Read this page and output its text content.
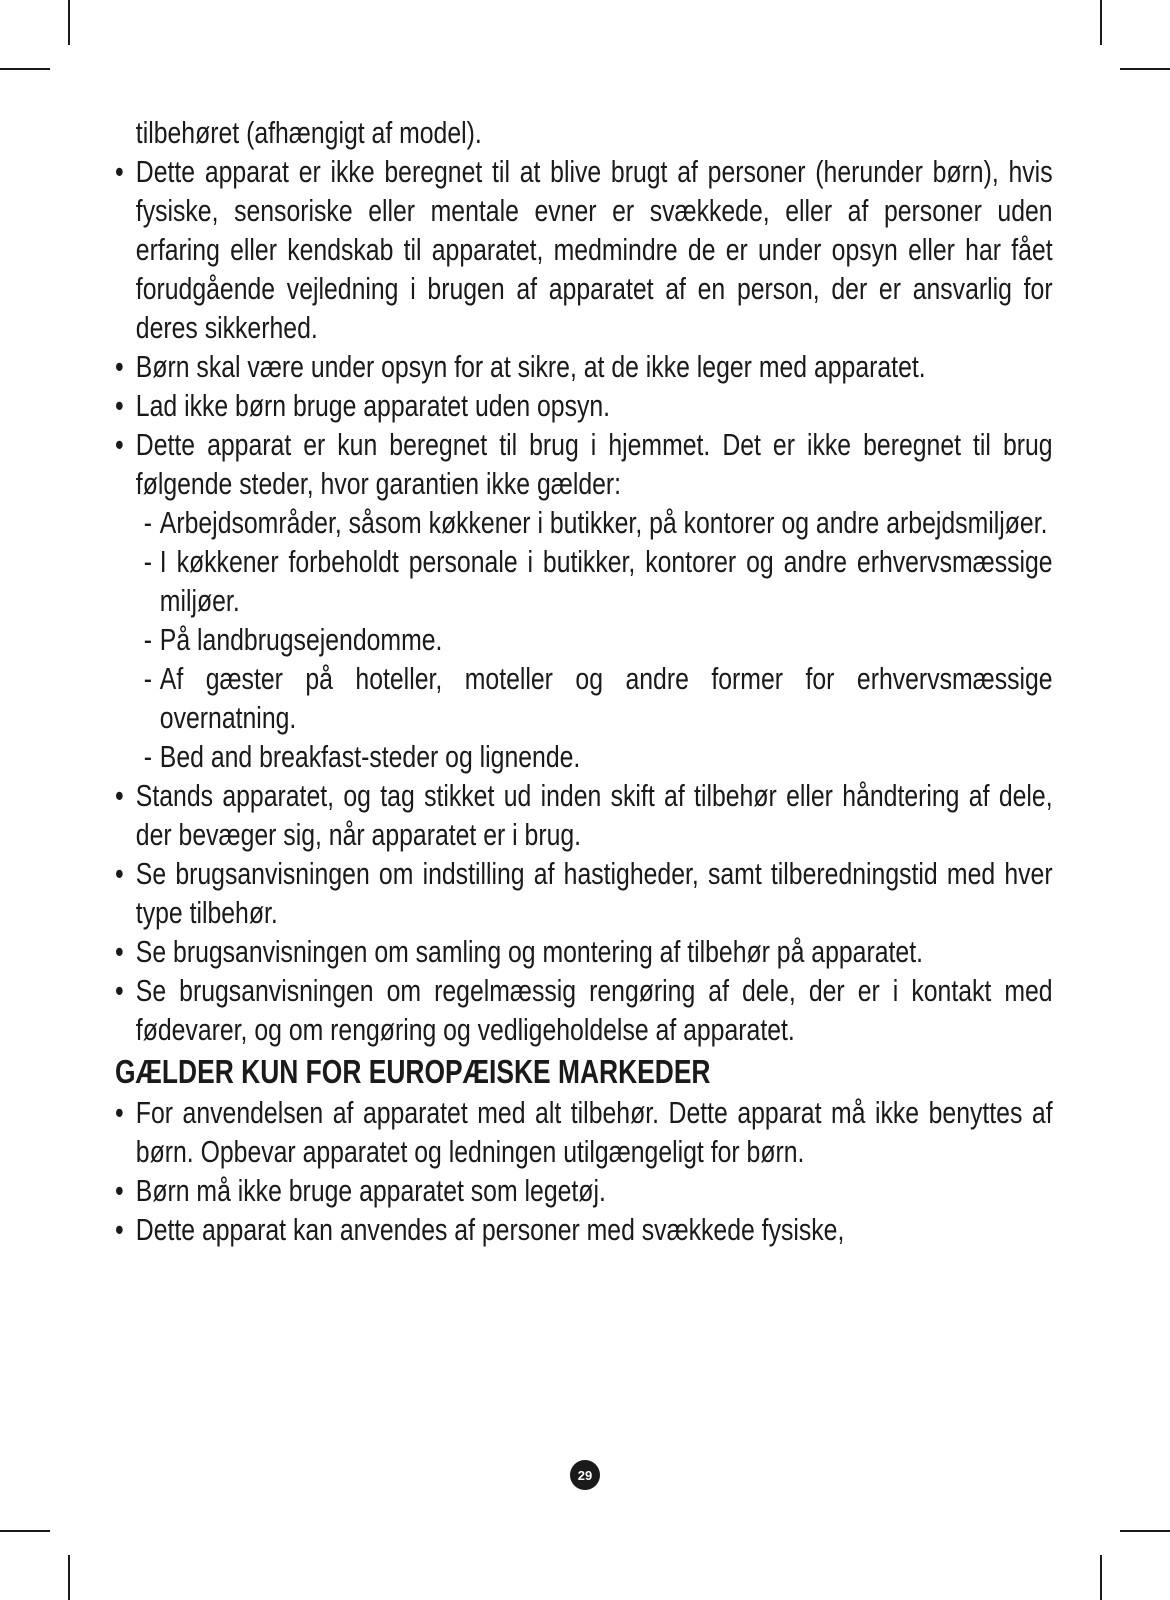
tilbehøret (afhængigt af model).
• Dette apparat er ikke beregnet til at blive brugt af personer (herunder børn), hvis fysiske, sensoriske eller mentale evner er svækkede, eller af personer uden erfaring eller kendskab til apparatet, medmindre de er under opsyn eller har fået forudgående vejledning i brugen af apparatet af en person, der er ansvarlig for deres sikkerhed.
• Børn skal være under opsyn for at sikre, at de ikke leger med apparatet.
• Lad ikke børn bruge apparatet uden opsyn.
• Dette apparat er kun beregnet til brug i hjemmet. Det er ikke beregnet til brug følgende steder, hvor garantien ikke gælder:
- Arbejdsområder, såsom køkkener i butikker, på kontorer og andre arbejdsmiljøer.
- I køkkener forbeholdt personale i butikker, kontorer og andre erhvervsmæssige miljøer.
- På landbrugsejendomme.
- Af gæster på hoteller, moteller og andre former for erhvervsmæssige overnatning.
- Bed and breakfast-steder og lignende.
• Stands apparatet, og tag stikket ud inden skift af tilbehør eller håndtering af dele, der bevæger sig, når apparatet er i brug.
• Se brugsanvisningen om indstilling af hastigheder, samt tilberedningstid med hver type tilbehør.
• Se brugsanvisningen om samling og montering af tilbehør på apparatet.
• Se brugsanvisningen om regelmæssig rengøring af dele, der er i kontakt med fødevarer, og om rengøring og vedligeholdelse af apparatet.
GÆLDER KUN FOR EUROPÆISKE MARKEDER
• For anvendelsen af apparatet med alt tilbehør. Dette apparat må ikke benyttes af børn. Opbevar apparatet og ledningen utilgængeligt for børn.
• Børn må ikke bruge apparatet som legetøj.
• Dette apparat kan anvendes af personer med svækkede fysiske,
29
